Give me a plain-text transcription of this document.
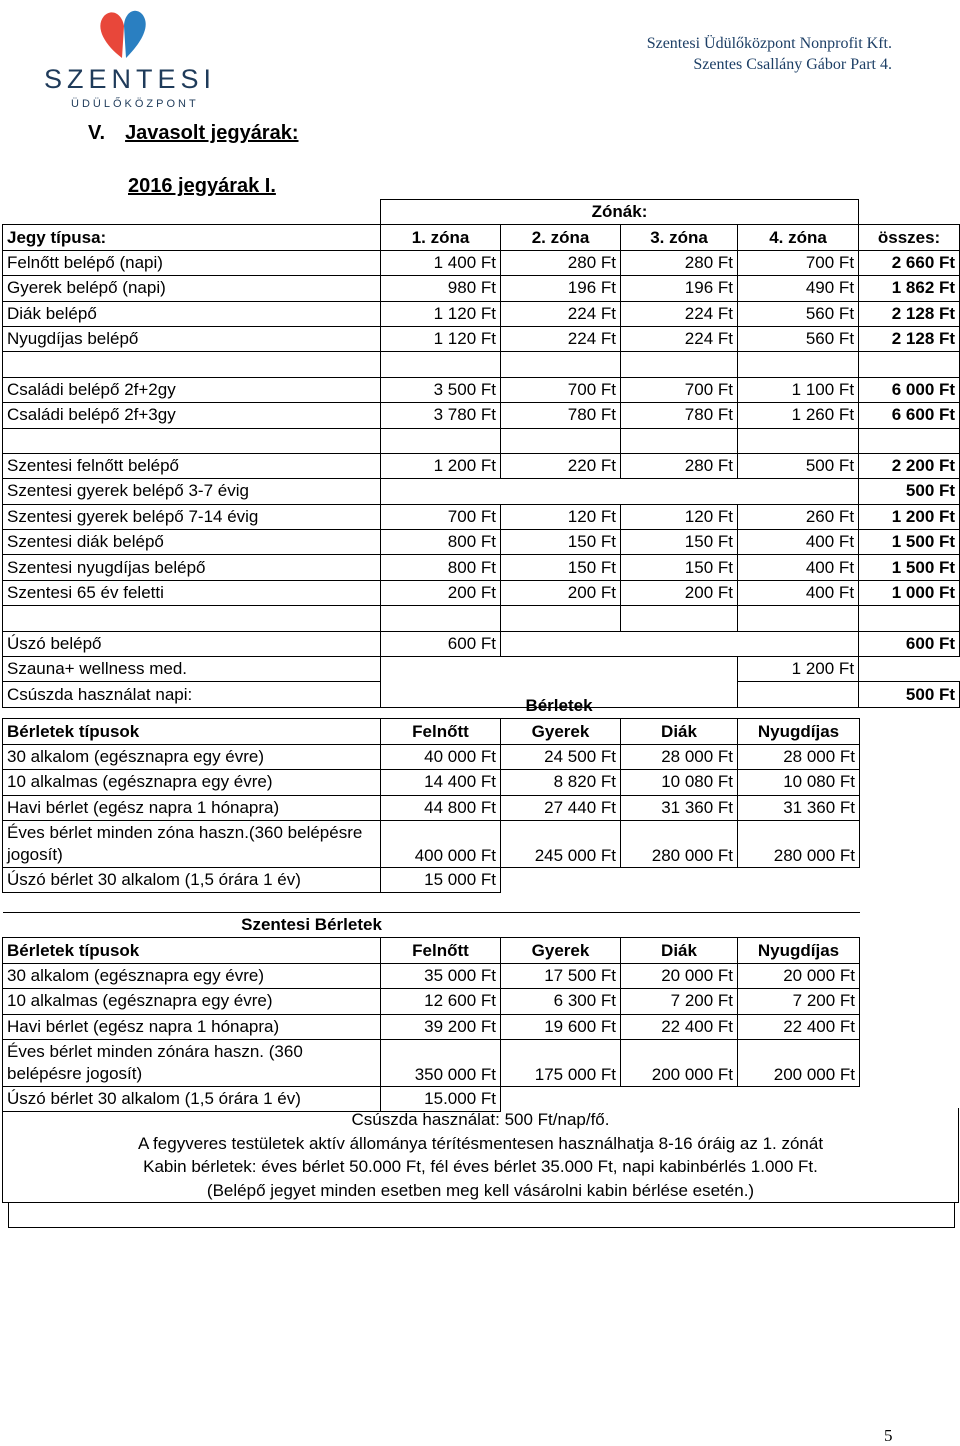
SZENTESI
ÜDÜLŐKÖZPONT
Szentesi Üdülőközpont Nonprofit Kft.
Szentes Csallány Gábor Part 4.
V. Javasolt jegyárak:
2016 jegyárak I.
	Zónák:				
Jegy típusa:	1. zóna	2. zóna	3. zóna	4. zóna	összes:
Felnőtt belépő (napi)	1 400 Ft	280 Ft	280 Ft	700 Ft	2 660 Ft
Gyerek belépő (napi)	980 Ft	196 Ft	196 Ft	490 Ft	1 862 Ft
Diák belépő	1 120 Ft	224 Ft	224 Ft	560 Ft	2 128 Ft
Nyugdíjas belépő	1 120 Ft	224 Ft	224 Ft	560 Ft	2 128 Ft

Családi belépő 2f+2gy	3 500 Ft	700 Ft	700 Ft	1 100 Ft	6 000 Ft
Családi belépő 2f+3gy	3 780 Ft	780 Ft	780 Ft	1 260 Ft	6 600 Ft

Szentesi felnőtt belépő	1 200 Ft	220 Ft	280 Ft	500 Ft	2 200 Ft
Szentesi gyerek belépő 3-7 évig					500 Ft
Szentesi gyerek belépő 7-14 évig	700 Ft	120 Ft	120 Ft	260 Ft	1 200 Ft
Szentesi diák belépő	800 Ft	150 Ft	150 Ft	400 Ft	1 500 Ft
Szentesi nyugdíjas belépő	800 Ft	150 Ft	150 Ft	400 Ft	1 500 Ft
Szentesi 65 év feletti	200 Ft	200 Ft	200 Ft	400 Ft	1 000 Ft

Úszó belépő	600 Ft				600 Ft
Szauna+ wellness med.				1 200 Ft	
Csúszda használat napi:					500 Ft
	Bérletek			
Bérletek típusok	Felnőtt	Gyerek	Diák	Nyugdíjas
30 alkalom (egésznapra egy évre)	40 000 Ft	24 500 Ft	28 000 Ft	28 000 Ft
10 alkalmas (egésznapra egy évre)	14 400 Ft	8 820 Ft	10 080 Ft	10 080 Ft
Havi bérlet (egész napra 1 hónapra)	44 800 Ft	27 440 Ft	31 360 Ft	31 360 Ft
Éves bérlet minden zóna haszn.(360 belépésre jogosít)	400 000 Ft	245 000 Ft	280 000 Ft	280 000 Ft
Úszó bérlet 30 alkalom (1,5 órára 1 év)	15 000 Ft			
Szentesi Bérletek				
Bérletek típusok	Felnőtt	Gyerek	Diák	Nyugdíjas
30 alkalom (egésznapra egy évre)	35 000 Ft	17 500 Ft	20 000 Ft	20 000 Ft
10 alkalmas (egésznapra egy évre)	12 600 Ft	6 300 Ft	7 200 Ft	7 200 Ft
Havi bérlet (egész napra 1 hónapra)	39 200 Ft	19 600 Ft	22 400 Ft	22 400 Ft
Éves bérlet minden zónára haszn. (360 belépésre jogosít)	350 000 Ft	175 000 Ft	200 000 Ft	200 000 Ft
Úszó bérlet 30 alkalom (1,5 órára 1 év)	15.000 Ft			
Csúszda használat: 500 Ft/nap/fő.
A fegyveres testületek aktív állománya térítésmentesen használhatja 8-16 óráig az 1. zónát
Kabin bérletek: éves bérlet 50.000 Ft, fél éves bérlet 35.000 Ft, napi kabinbérlés 1.000 Ft.
(Belépő jegyet minden esetben meg kell vásárolni kabin bérlése esetén.)
5
